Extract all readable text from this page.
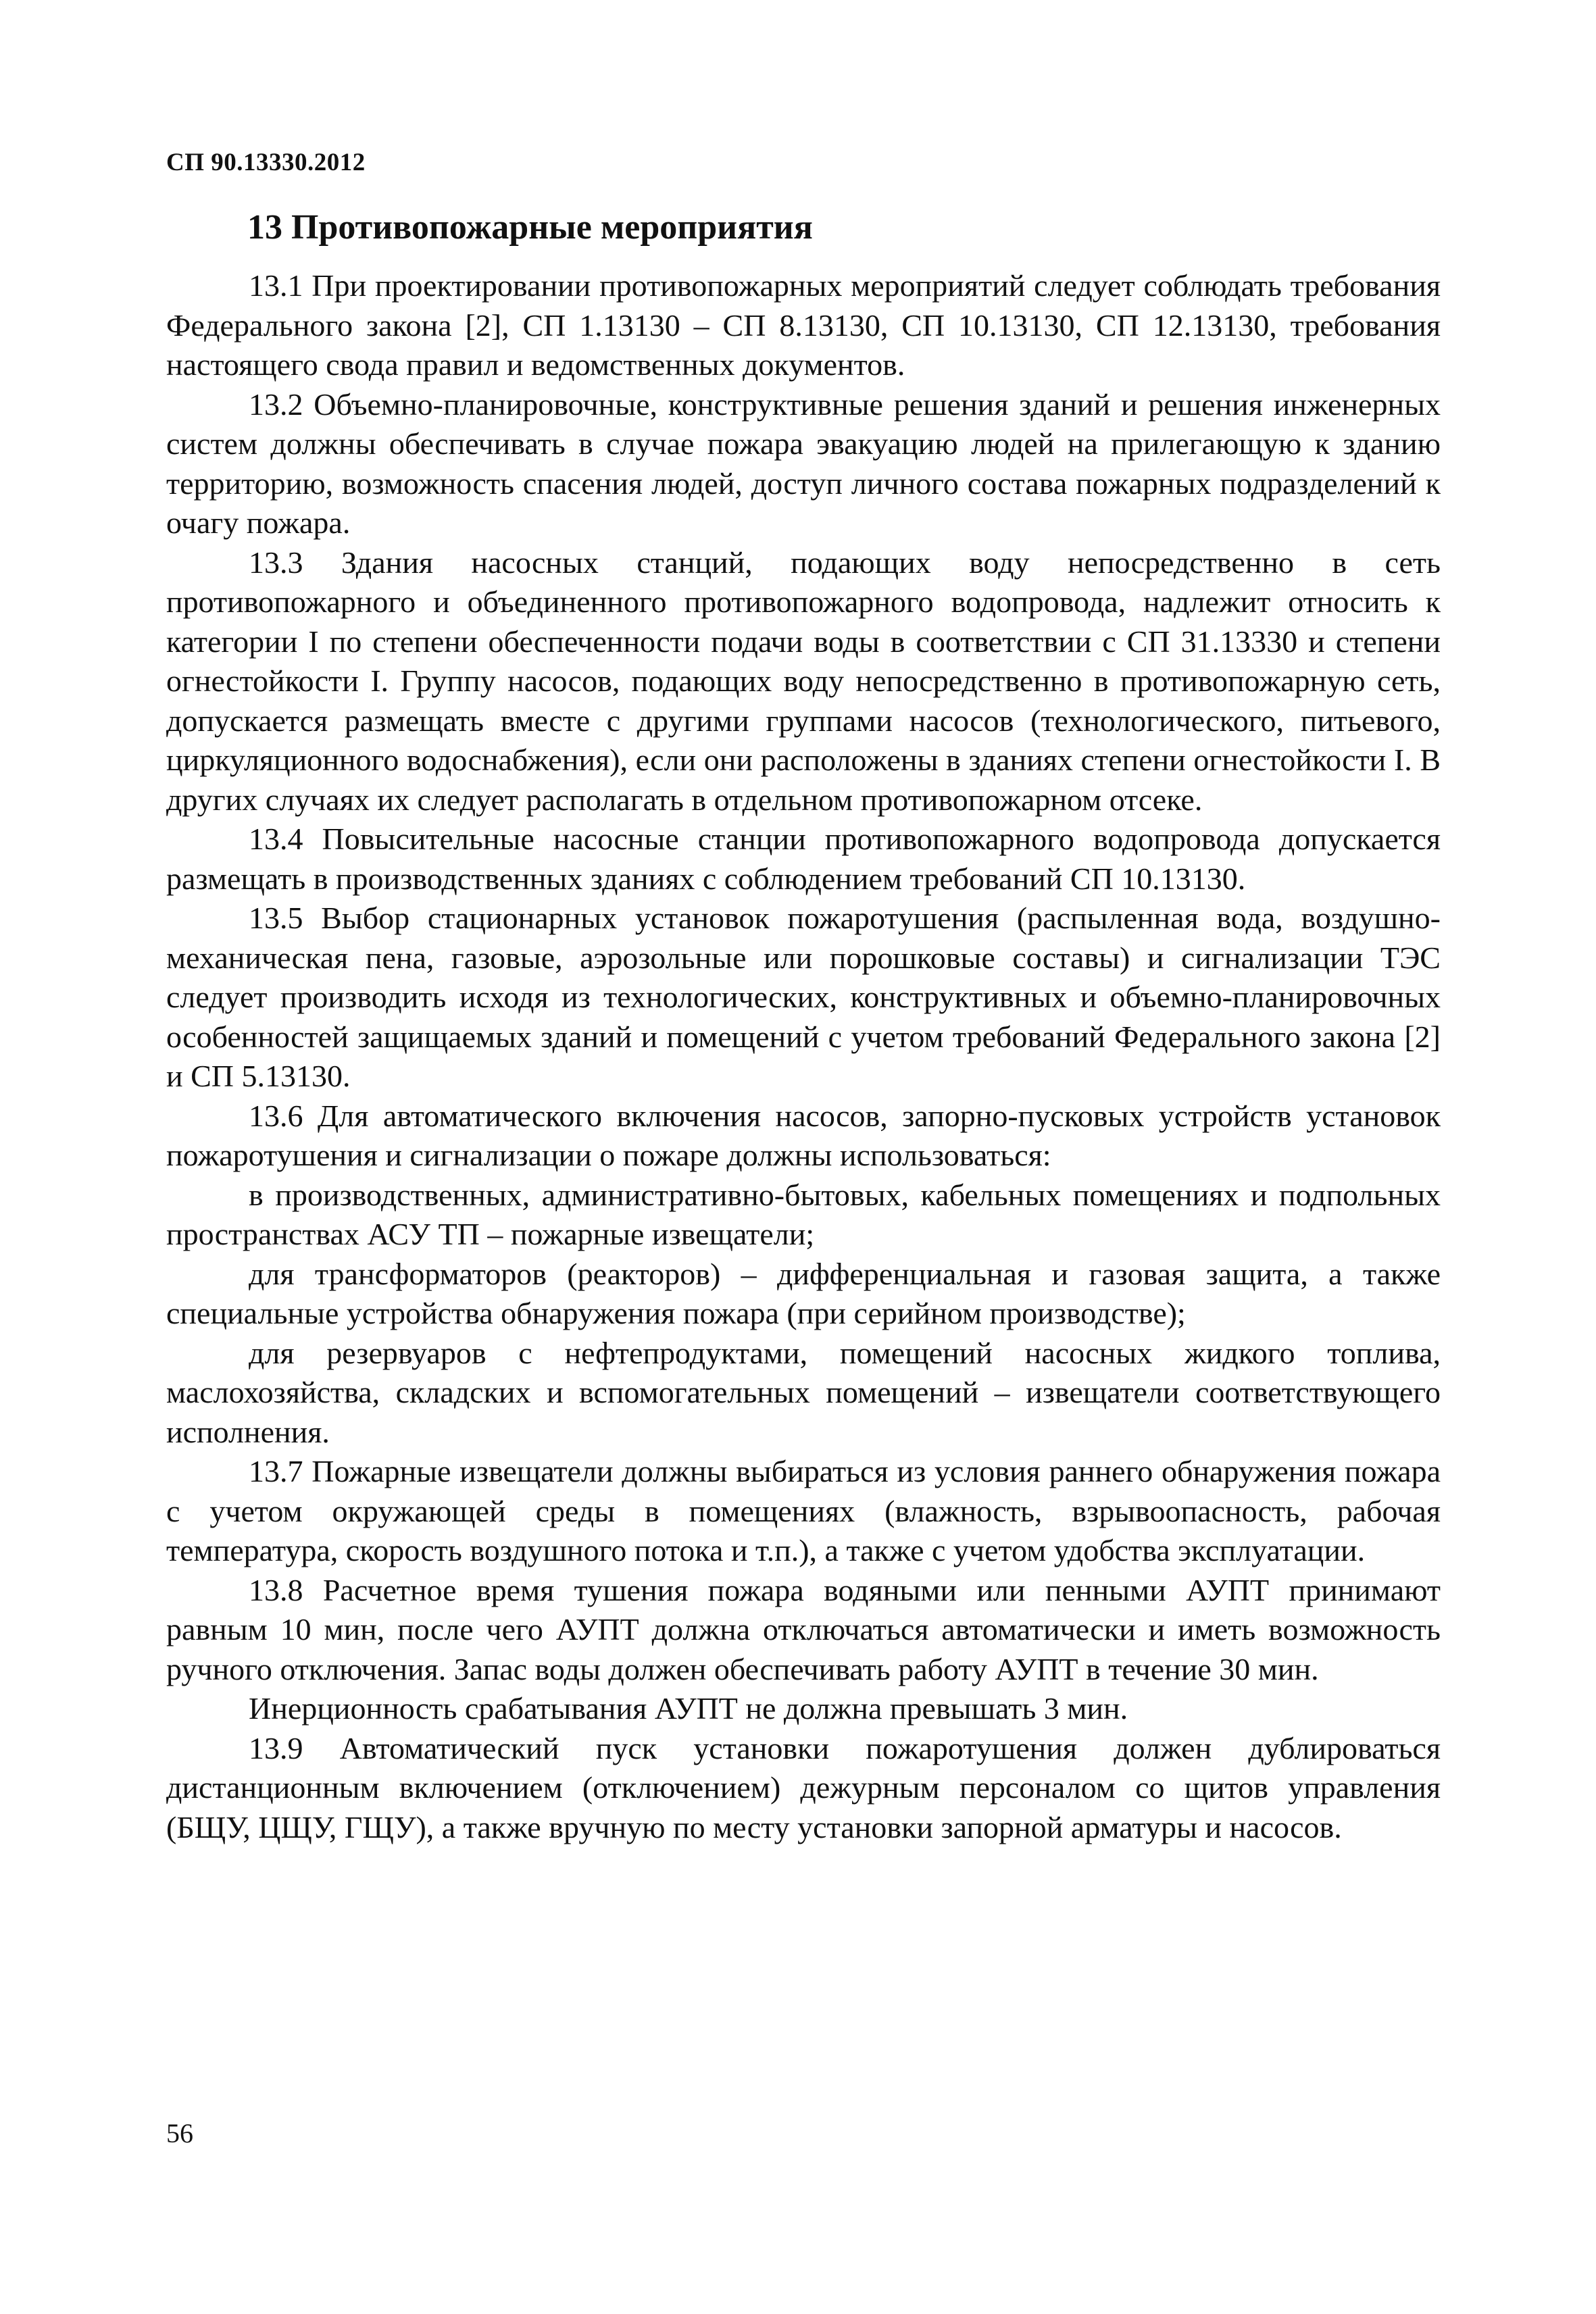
СП 90.13330.2012
13 Противопожарные мероприятия

13.1 При проектировании противопожарных мероприятий следует соблюдать требования Федерального закона [2], СП 1.13130 – СП 8.13130, СП 10.13130, СП 12.13130, требования настоящего свода правил и ведомственных документов.

13.2 Объемно-планировочные, конструктивные решения зданий и решения инженерных систем должны обеспечивать в случае пожара эвакуацию людей на прилегающую к зданию территорию, возможность спасения людей, доступ личного состава пожарных подразделений к очагу пожара.

13.3 Здания насосных станций, подающих воду непосредственно в сеть противопожарного и объединенного противопожарного водопровода, надлежит относить к категории I по степени обеспеченности подачи воды в соответствии с СП 31.13330 и степени огнестойкости I. Группу насосов, подающих воду непосредственно в противопожарную сеть, допускается размещать вместе с другими группами насосов (технологического, питьевого, циркуляционного водоснабжения), если они расположены в зданиях степени огнестойкости I. В других случаях их следует располагать в отдельном противопожарном отсеке.

13.4 Повысительные насосные станции противопожарного водопровода допускается размещать в производственных зданиях с соблюдением требований СП 10.13130.

13.5 Выбор стационарных установок пожаротушения (распыленная вода, воздушно-механическая пена, газовые, аэрозольные или порошковые составы) и сигнализации ТЭС следует производить исходя из технологических, конструктивных и объемно-планировочных особенностей защищаемых зданий и помещений с учетом требований Федерального закона [2] и СП 5.13130.

13.6 Для автоматического включения насосов, запорно-пусковых устройств установок пожаротушения и сигнализации о пожаре должны использоваться:

в производственных, административно-бытовых, кабельных помещениях и подпольных пространствах АСУ ТП – пожарные извещатели;

для трансформаторов (реакторов) – дифференциальная и газовая защита, а также специальные устройства обнаружения пожара (при серийном производстве);

для резервуаров с нефтепродуктами, помещений насосных жидкого топлива, маслохозяйства, складских и вспомогательных помещений – извещатели соответствующего исполнения.

13.7 Пожарные извещатели должны выбираться из условия раннего обнаружения пожара с учетом окружающей среды в помещениях (влажность, взрывоопасность, рабочая температура, скорость воздушного потока и т.п.), а также с учетом удобства эксплуатации.

13.8 Расчетное время тушения пожара водяными или пенными АУПТ принимают равным 10 мин, после чего АУПТ должна отключаться автоматически и иметь возможность ручного отключения. Запас воды должен обеспечивать работу АУПТ в течение 30 мин.

Инерционность срабатывания АУПТ не должна превышать 3 мин.

13.9 Автоматический пуск установки пожаротушения должен дублироваться дистанционным включением (отключением) дежурным персоналом со щитов управления (БЩУ, ЦЩУ, ГЩУ), а также вручную по месту установки запорной арматуры и насосов.

56
